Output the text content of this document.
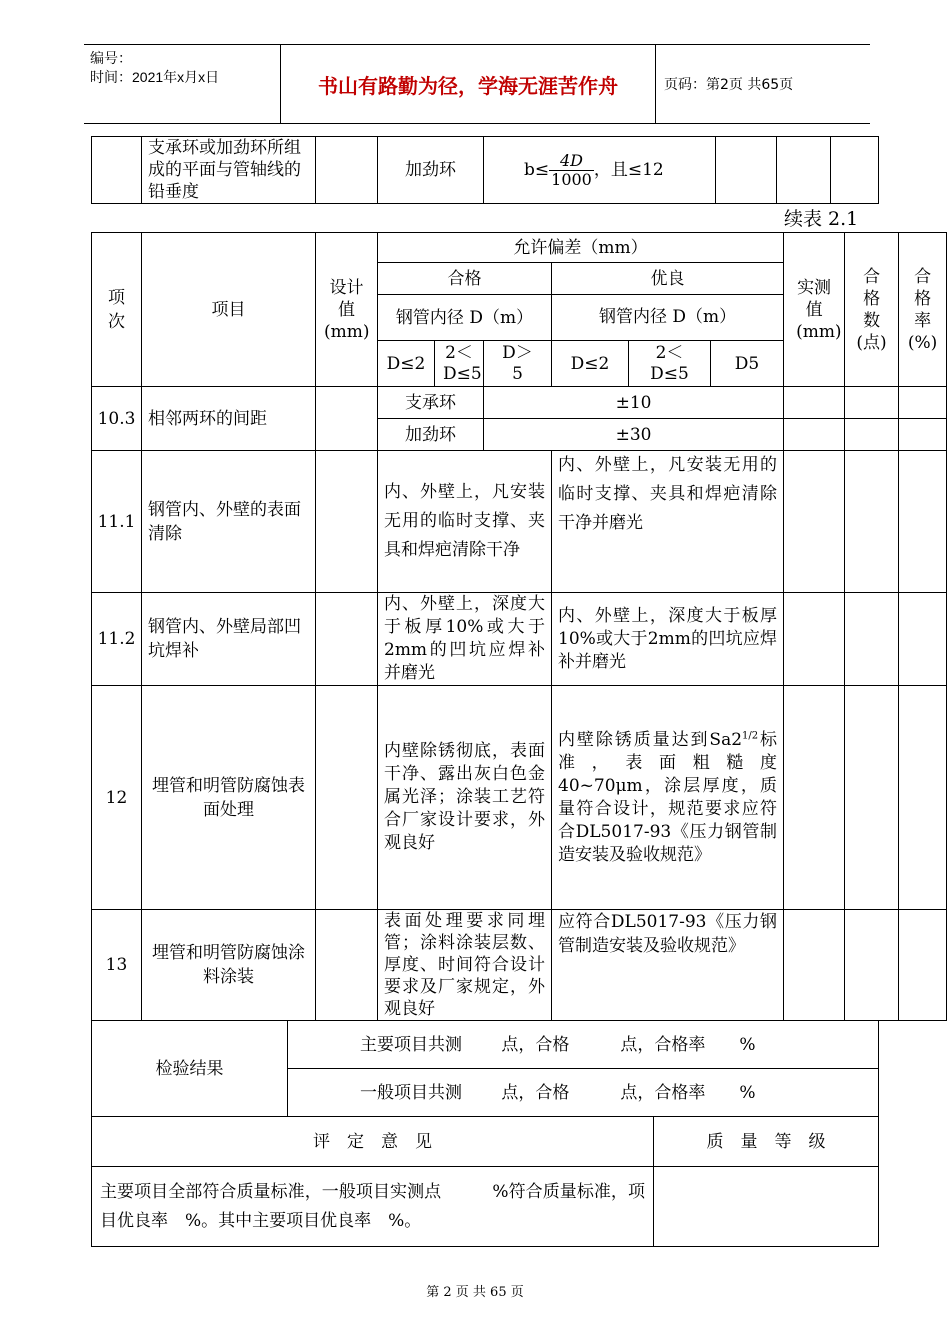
编号：
时间：2021年x月x日	书山有路勤为径，学海无涯苦作舟	页码：第2页 共65页
	支承环或加劲环所组成的平面与管轴线的铅垂度		加劲环	$b\le \frac{4D}{1000}$ ，且≤12			
续表 2.1
项次	项目	设计值(mm)	允许偏差（mm）						实测值(mm)	合格数(点)	合格率(%)
			合格			优良					
			钢管内径 D（m）			钢管内径 D（m）					
			D≤2	2＜D≤5	D＞5	D≤2	2＜D≤5	D5			
10.3	相邻两环的间距		支承环		±10						
			加劲环		±30						
11.1	钢管内、外壁的表面清除		内、外壁上，凡安装无用的临时支撑、夹具和焊疤清除干净			内、外壁上，凡安装无用的临时支撑、夹具和焊疤清除干净并磨光					
11.2	钢管内、外壁局部凹坑焊补		内、外壁上，深度大于板厚10%或大于2mm的凹坑应焊补并磨光			内、外壁上，深度大于板厚10%或大于2mm的凹坑应焊补并磨光					
12	埋管和明管防腐蚀表面处理		内壁除锈彻底，表面干净、露出灰白色金属光泽；涂装工艺符合厂家设计要求，外观良好			内壁除锈质量达到$Sa2^{1/2}$标准，表面粗糙度40~70μm，涂层厚度，质量符合设计，规范要求应符合DL5017-93《压力钢管制造安装及验收规范》					
13	埋管和明管防腐蚀涂料涂装		表面处理要求同埋管；涂料涂装层数、厚度、时间符合设计要求及厂家规定，外观良好			应符合DL5017-93《压力钢管制造安装及验收规范》					
检验结果	主要项目共测　　 点，合格　　　点，合格率　　%	
	一般项目共测　　 点，合格　　　点，合格率　　%	
评　定　意　见		质　量　等　级
主要项目全部符合质量标准，一般项目实测点　　　%符合质量标准，项目优良率　%。其中主要项目优良率　%。		
第 2 页 共 65 页
